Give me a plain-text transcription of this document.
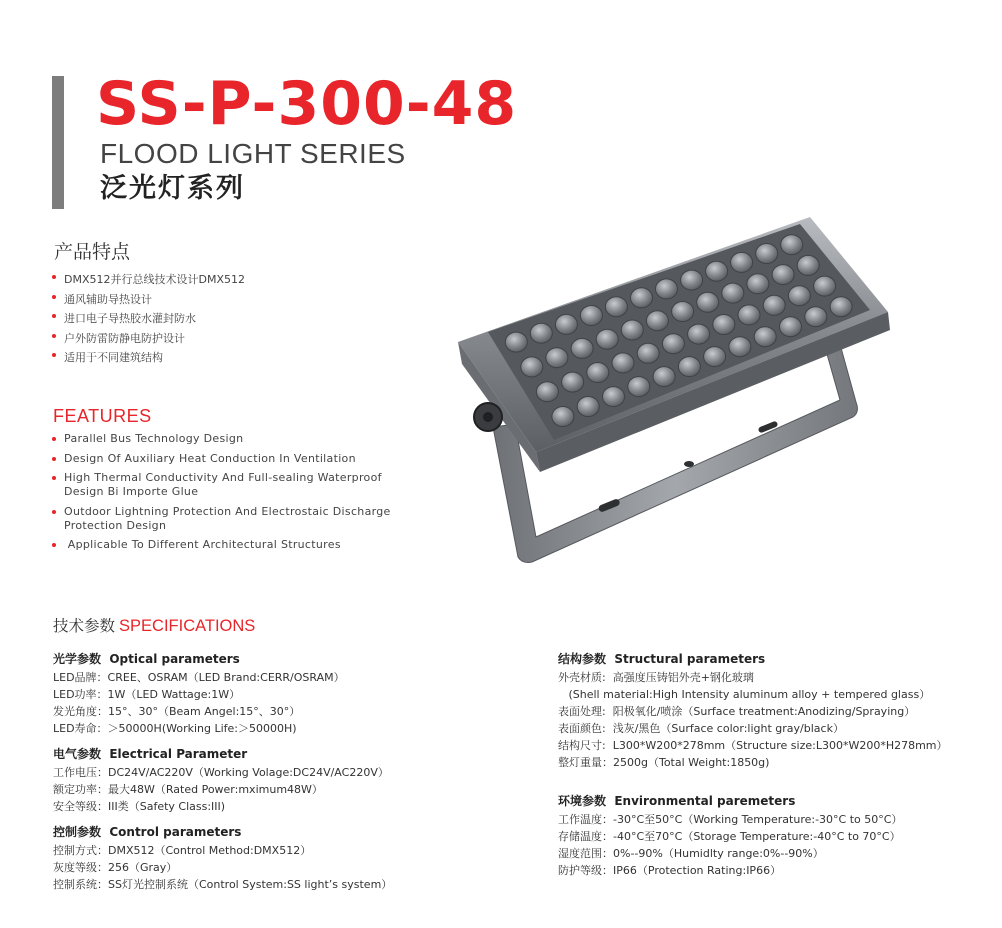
SS-P-300-48
FLOOD LIGHT SERIES
泛光灯系列
产品特点
DMX512并行总线技术设计DMX512
通风辅助导热设计
进口电子导热胶水灌封防水
户外防雷防静电防护设计
适用于不同建筑结构
FEATURES
Parallel Bus Technology Design
Design Of Auxiliary Heat Conduction In Ventilation
High Thermal Conductivity And Full-sealing Waterproof Design Bi Importe Glue
Outdoor Lightning Protection And Electrostaic Discharge Protection Design
Applicable To Different Architectural Structures
技术参数 SPECIFICATIONS
光学参数  Optical parameters

LED品牌：CREE、OSRAM（LED Brand:CERR/OSRAM）

LED功率：1W（LED Wattage:1W）

发光角度：15°、30°（Beam Angel:15°、30°）

LED寿命：＞50000H(Working Life:＞50000H)

电气参数  Electrical Parameter

工作电压：DC24V/AC220V（Working Volage:DC24V/AC220V）

额定功率：最大48W（Rated Power:mximum48W）

安全等级：III类（Safety Class:III)

控制参数  Control parameters

控制方式：DMX512（Control Method:DMX512）

灰度等级：256（Gray）

控制系统：SS灯光控制系统（Control System:SS light’s system）

结构参数  Structural parameters

外壳材质:  高强度压铸铝外壳+钢化玻璃

(Shell material:High Intensity aluminum alloy + tempered glass）

表面处理:  阳极氧化/喷涂（Surface treatment:Anodizing/Spraying）

表面颜色:  浅灰/黑色（Surface color:light gray/black）

结构尺寸:  L300*W200*278mm（Structure size:L300*W200*H278mm）

整灯重量：2500g（Total Weight:1850g)

环境参数  Environmental paremeters

工作温度：-30°C至50°C（Working Temperature:-30°C to 50°C）

存储温度：-40°C至70°C（Storage Temperature:-40°C to 70°C）

湿度范围：0%--90%（Humidlty range:0%--90%）

防护等级：IP66（Protection Rating:IP66）
